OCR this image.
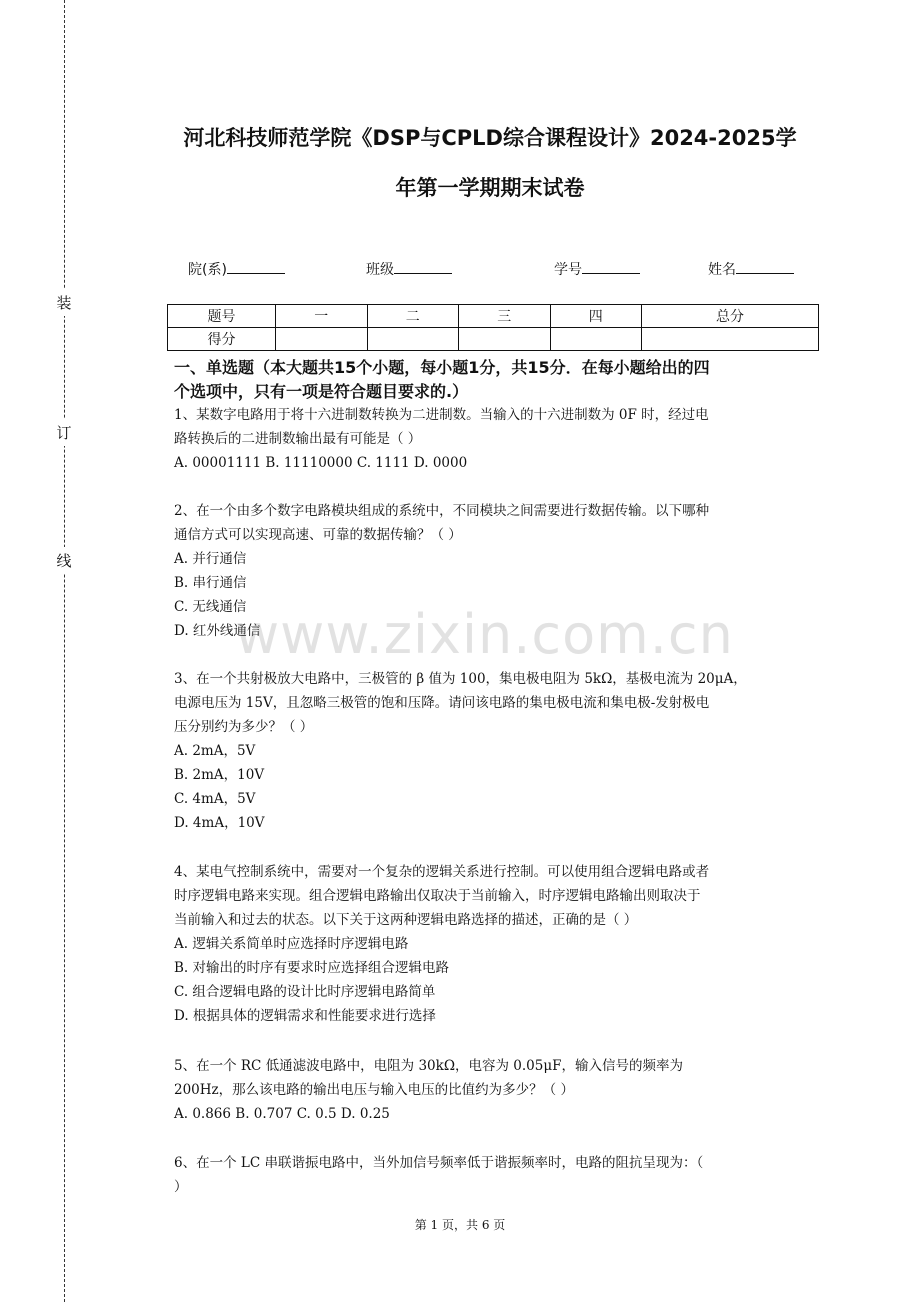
装
订
线
河北科技师范学院《DSP与CPLD综合课程设计》2024-2025学
年第一学期期末试卷
院(系)	班级	学号	姓名
题号	一	二	三	四	总分
得分					
一、单选题（本大题共15个小题，每小题1分，共15分．在每小题给出的四
个选项中，只有一项是符合题目要求的.）

1、某数字电路用于将十六进制数转换为二进制数。当输入的十六进制数为 0F 时，经过电

路转换后的二进制数输出最有可能是（ ）

A. 00001111 B. 11110000 C. 1111 D. 0000

2、在一个由多个数字电路模块组成的系统中，不同模块之间需要进行数据传输。以下哪种

通信方式可以实现高速、可靠的数据传输？（ ）

A. 并行通信

B. 串行通信

C. 无线通信

D. 红外线通信

3、在一个共射极放大电路中，三极管的 β 值为 100，集电极电阻为 5kΩ，基极电流为 20μA，

电源电压为 15V，且忽略三极管的饱和压降。请问该电路的集电极电流和集电极-发射极电

压分别约为多少？（ ）

A. 2mA，5V

B. 2mA，10V

C. 4mA，5V

D. 4mA，10V

4、某电气控制系统中，需要对一个复杂的逻辑关系进行控制。可以使用组合逻辑电路或者

时序逻辑电路来实现。组合逻辑电路输出仅取决于当前输入，时序逻辑电路输出则取决于

当前输入和过去的状态。以下关于这两种逻辑电路选择的描述，正确的是（ ）

A. 逻辑关系简单时应选择时序逻辑电路

B. 对输出的时序有要求时应选择组合逻辑电路

C. 组合逻辑电路的设计比时序逻辑电路简单

D. 根据具体的逻辑需求和性能要求进行选择

5、在一个 RC 低通滤波电路中，电阻为 30kΩ，电容为 0.05μF，输入信号的频率为

200Hz，那么该电路的输出电压与输入电压的比值约为多少？（ ）

A. 0.866 B. 0.707 C. 0.5 D. 0.25

6、在一个 LC 串联谐振电路中，当外加信号频率低于谐振频率时，电路的阻抗呈现为：（

）

www.zixin.com.cn
第 1 页，共 6 页
